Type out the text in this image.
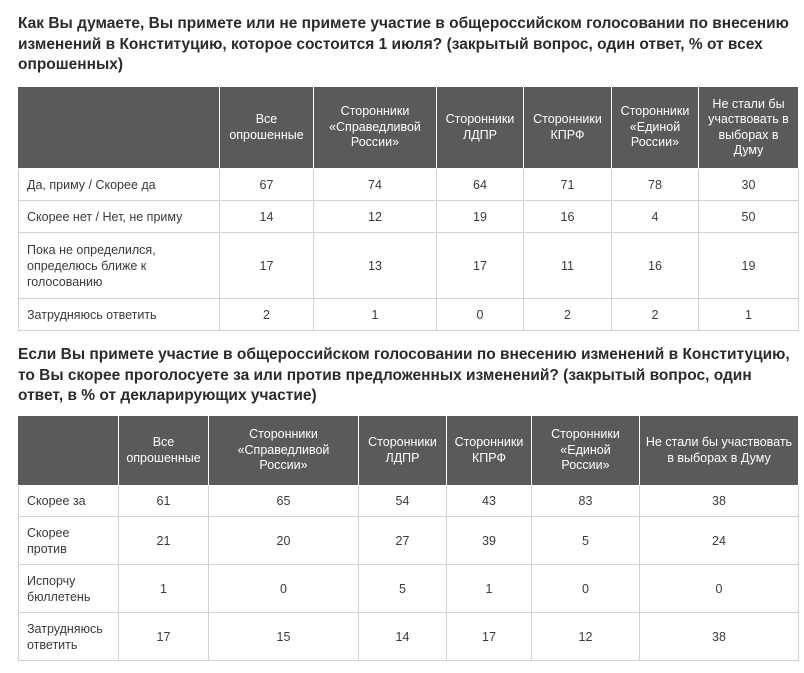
Как Вы думаете, Вы примете или не примете участие в общероссийском голосовании по внесению изменений в Конституцию, которое состоится 1 июля? (закрытый вопрос, один ответ, % от всех опрошенных)
	Все опрошенные	Сторонники «Справедливой России»	Сторонники ЛДПР	Сторонники КПРФ	Сторонники «Единой России»	Не стали бы участвовать в выборах в Думу
Да, приму / Скорее да	67	74	64	71	78	30
Скорее нет / Нет, не приму	14	12	19	16	4	50
Пока не определился, определюсь ближе к голосованию	17	13	17	11	16	19
Затрудняюсь ответить	2	1	0	2	2	1
Если Вы примете участие в общероссийском голосовании по внесению изменений в Конституцию, то Вы скорее проголосуете за или против предложенных изменений? (закрытый вопрос, один ответ, в % от декларирующих участие)
	Все опрошенные	Сторонники «Справедливой России»	Сторонники ЛДПР	Сторонники КПРФ	Сторонники «Единой России»	Не стали бы участвовать в выборах в Думу
Скорее за	61	65	54	43	83	38
Скорее против	21	20	27	39	5	24
Испорчу бюллетень	1	0	5	1	0	0
Затрудняюсь ответить	17	15	14	17	12	38
